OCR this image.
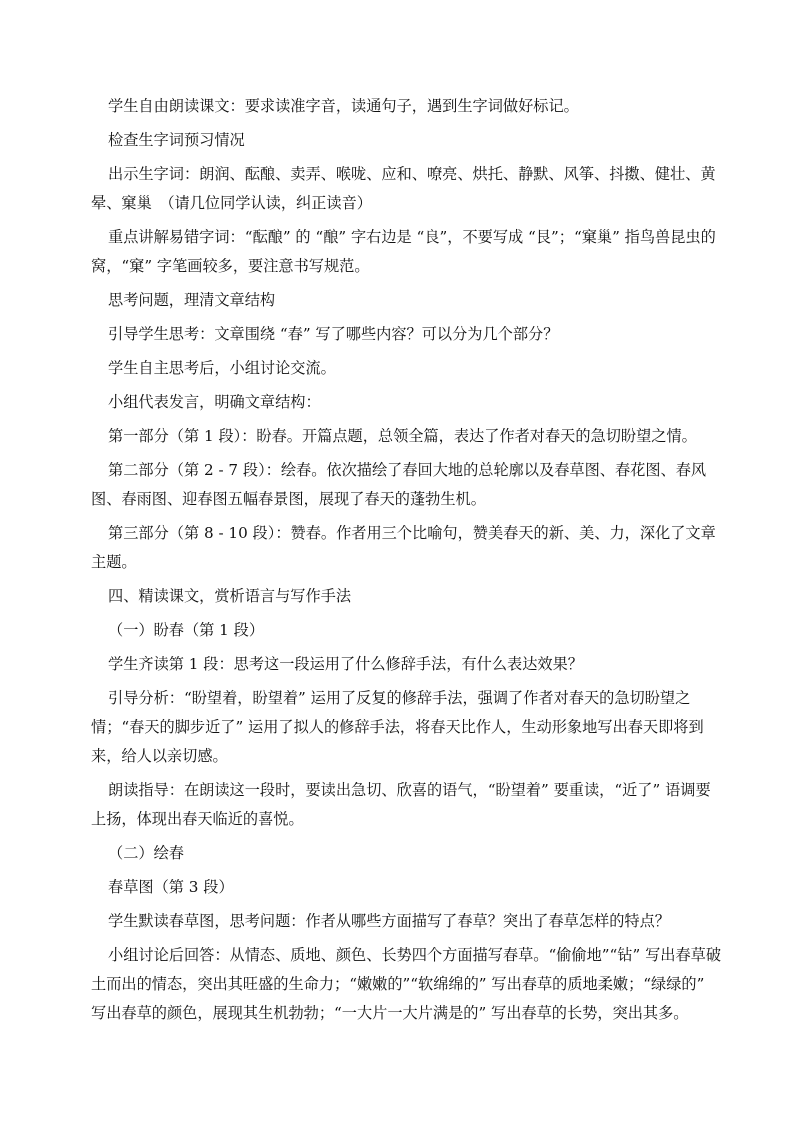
学生自由朗读课文：要求读准字音，读通句子，遇到生字词做好标记。

检查生字词预习情况

出示生字词：朗润、酝酿、卖弄、喉咙、应和、嘹亮、烘托、静默、风筝、抖擞、健壮、黄晕、窠巢　（请几位同学认读，纠正读音）

重点讲解易错字词：“酝酿” 的 “酿” 字右边是 “良”，不要写成 “艮”；“窠巢” 指鸟兽昆虫的窝，“窠” 字笔画较多，要注意书写规范。

思考问题，理清文章结构

引导学生思考：文章围绕 “春” 写了哪些内容？可以分为几个部分？

学生自主思考后，小组讨论交流。

小组代表发言，明确文章结构：

第一部分（第 1 段）：盼春。开篇点题，总领全篇，表达了作者对春天的急切盼望之情。

第二部分（第 2 - 7 段）：绘春。依次描绘了春回大地的总轮廓以及春草图、春花图、春风图、春雨图、迎春图五幅春景图，展现了春天的蓬勃生机。

第三部分（第 8 - 10 段）：赞春。作者用三个比喻句，赞美春天的新、美、力，深化了文章主题。

四、精读课文，赏析语言与写作手法

（一）盼春（第 1 段）

学生齐读第 1 段：思考这一段运用了什么修辞手法，有什么表达效果？

引导分析：“盼望着，盼望着” 运用了反复的修辞手法，强调了作者对春天的急切盼望之情；“春天的脚步近了” 运用了拟人的修辞手法，将春天比作人，生动形象地写出春天即将到来，给人以亲切感。

朗读指导：在朗读这一段时，要读出急切、欣喜的语气，“盼望着” 要重读，“近了” 语调要上扬，体现出春天临近的喜悦。

（二）绘春

春草图（第 3 段）

学生默读春草图，思考问题：作者从哪些方面描写了春草？突出了春草怎样的特点？

小组讨论后回答：从情态、质地、颜色、长势四个方面描写春草。“偷偷地”“钻” 写出春草破土而出的情态，突出其旺盛的生命力；“嫩嫩的”“软绵绵的” 写出春草的质地柔嫩；“绿绿的” 写出春草的颜色，展现其生机勃勃；“一大片一大片满是的” 写出春草的长势，突出其多。
